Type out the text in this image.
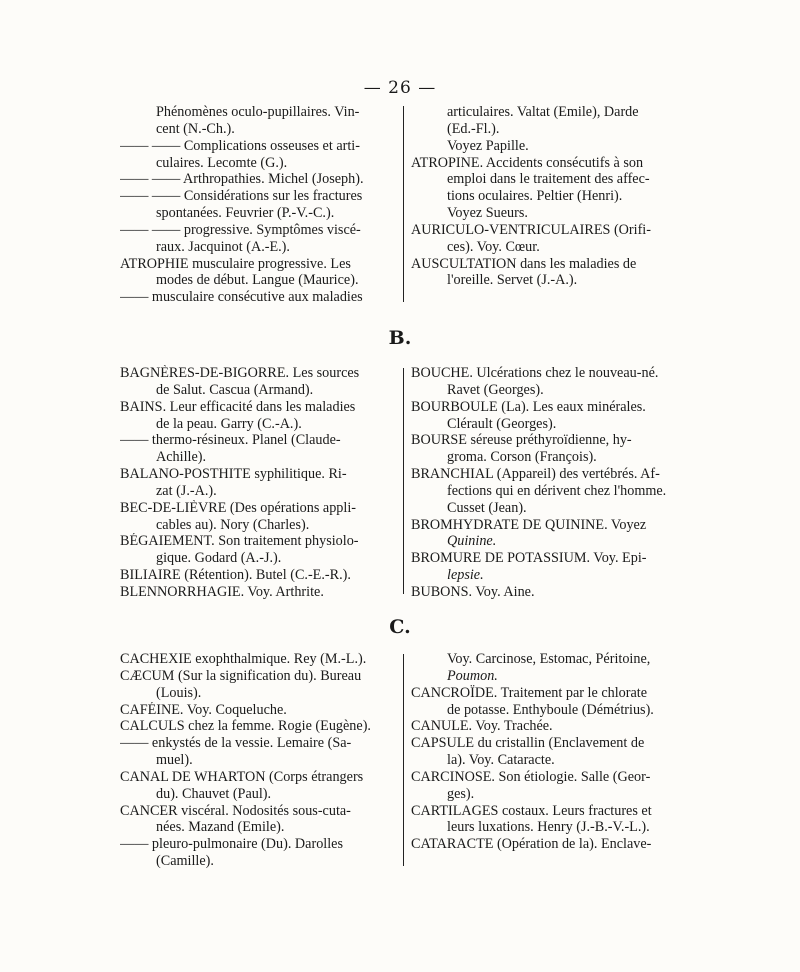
— 26 —
Phénomènes oculo-pupillaires. Vin-
cent (N.-Ch.).
—— —— Complications osseuses et arti-
culaires. Lecomte (G.).
—— —— Arthropathies. Michel (Joseph).
—— —— Considérations sur les fractures
spontanées. Feuvrier (P.-V.-C.).
—— —— progressive. Symptômes viscé-
raux. Jacquinot (A.-E.).
ATROPHIE musculaire progressive. Les
modes de début. Langue (Maurice).
—— musculaire consécutive aux maladies
articulaires. Valtat (Emile), Darde
(Ed.-Fl.).
Voyez Papille.
ATROPINE. Accidents consécutifs à son
emploi dans le traitement des affec-
tions oculaires. Peltier (Henri).
Voyez Sueurs.
AURICULO-VENTRICULAIRES (Orifi-
ces). Voy. Cœur.
AUSCULTATION dans les maladies de
l'oreille. Servet (J.-A.).
B.
BAGNÈRES-DE-BIGORRE. Les sources
de Salut. Cascua (Armand).
BAINS. Leur efficacité dans les maladies
de la peau. Garry (C.-A.).
—— thermo-résineux. Planel (Claude-
Achille).
BALANO-POSTHITE syphilitique. Ri-
zat (J.-A.).
BEC-DE-LIÈVRE (Des opérations appli-
cables au). Nory (Charles).
BÉGAIEMENT. Son traitement physiolo-
gique. Godard (A.-J.).
BILIAIRE (Rétention). Butel (C.-E.-R.).
BLENNORRHAGIE. Voy. Arthrite.
BOUCHE. Ulcérations chez le nouveau-né.
Ravet (Georges).
BOURBOULE (La). Les eaux minérales.
Clérault (Georges).
BOURSE séreuse préthyroïdienne, hy-
groma. Corson (François).
BRANCHIAL (Appareil) des vertébrés. Af-
fections qui en dérivent chez l'homme.
Cusset (Jean).
BROMHYDRATE DE QUININE. Voyez
Quinine.
BROMURE DE POTASSIUM. Voy. Epi-
lepsie.
BUBONS. Voy. Aine.
C.
CACHEXIE exophthalmique. Rey (M.-L.).
CÆCUM (Sur la signification du). Bureau
(Louis).
CAFÉINE. Voy. Coqueluche.
CALCULS chez la femme. Rogie (Eugène).
—— enkystés de la vessie. Lemaire (Sa-
muel).
CANAL DE WHARTON (Corps étrangers
du). Chauvet (Paul).
CANCER viscéral. Nodosités sous-cuta-
nées. Mazand (Emile).
—— pleuro-pulmonaire (Du). Darolles
(Camille).
Voy. Carcinose, Estomac, Péritoine,
Poumon.
CANCROÏDE. Traitement par le chlorate
de potasse. Enthyboule (Démétrius).
CANULE. Voy. Trachée.
CAPSULE du cristallin (Enclavement de
la). Voy. Cataracte.
CARCINOSE. Son étiologie. Salle (Geor-
ges).
CARTILAGES costaux. Leurs fractures et
leurs luxations. Henry (J.-B.-V.-L.).
CATARACTE (Opération de la). Enclave-
